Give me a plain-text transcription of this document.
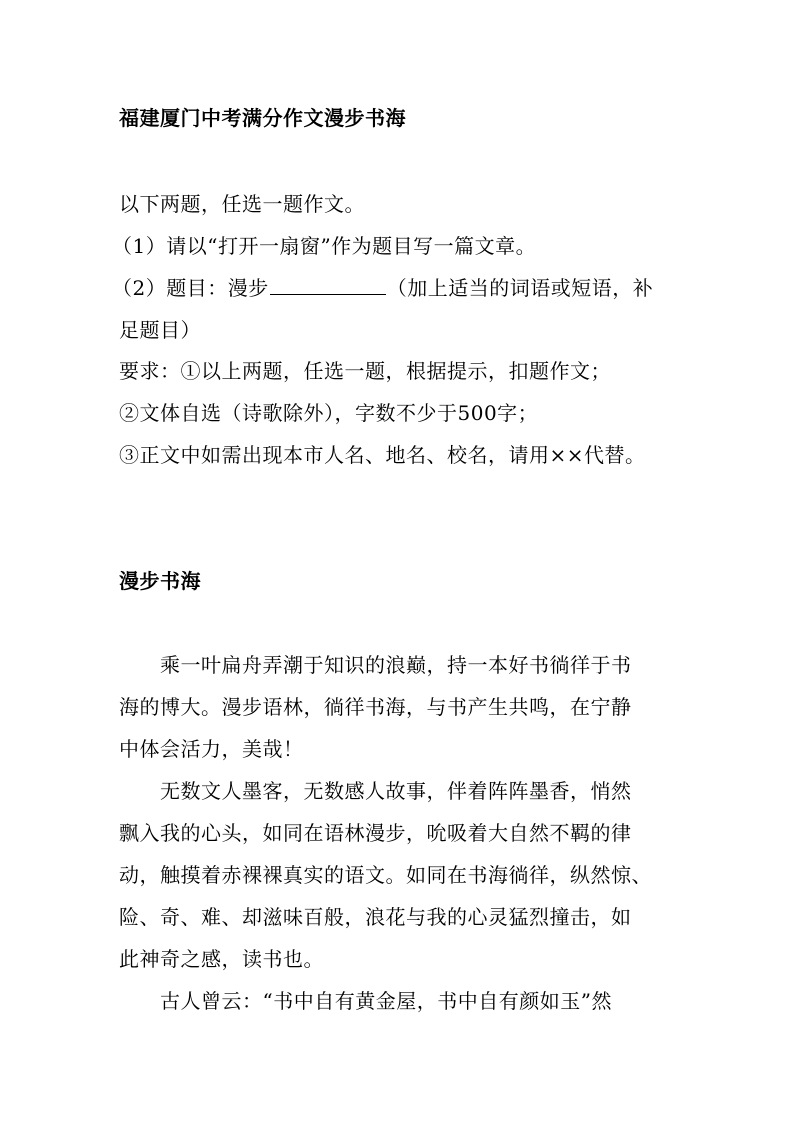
福建厦门中考满分作文漫步书海
以下两题，任选一题作文。
（1）请以“打开一扇窗”作为题目写一篇文章。
（2）题目：漫步	（加上适当的词语或短语，补
足题目）
要求：①以上两题，任选一题，根据提示，扣题作文；
②文体自选（诗歌除外），字数不少于500字；
③正文中如需出现本市人名、地名、校名，请用××代替。
漫步书海
乘一叶扁舟弄潮于知识的浪巅，持一本好书徜徉于书
海的博大。漫步语林，徜徉书海，与书产生共鸣，在宁静
中体会活力，美哉！
无数文人墨客，无数感人故事，伴着阵阵墨香，悄然
飘入我的心头，如同在语林漫步，吮吸着大自然不羁的律
动，触摸着赤裸裸真实的语文。如同在书海徜徉，纵然惊、
险、奇、难、却滋味百般，浪花与我的心灵猛烈撞击，如
此神奇之感，读书也。
古人曾云：“书中自有黄金屋，书中自有颜如玉”然
